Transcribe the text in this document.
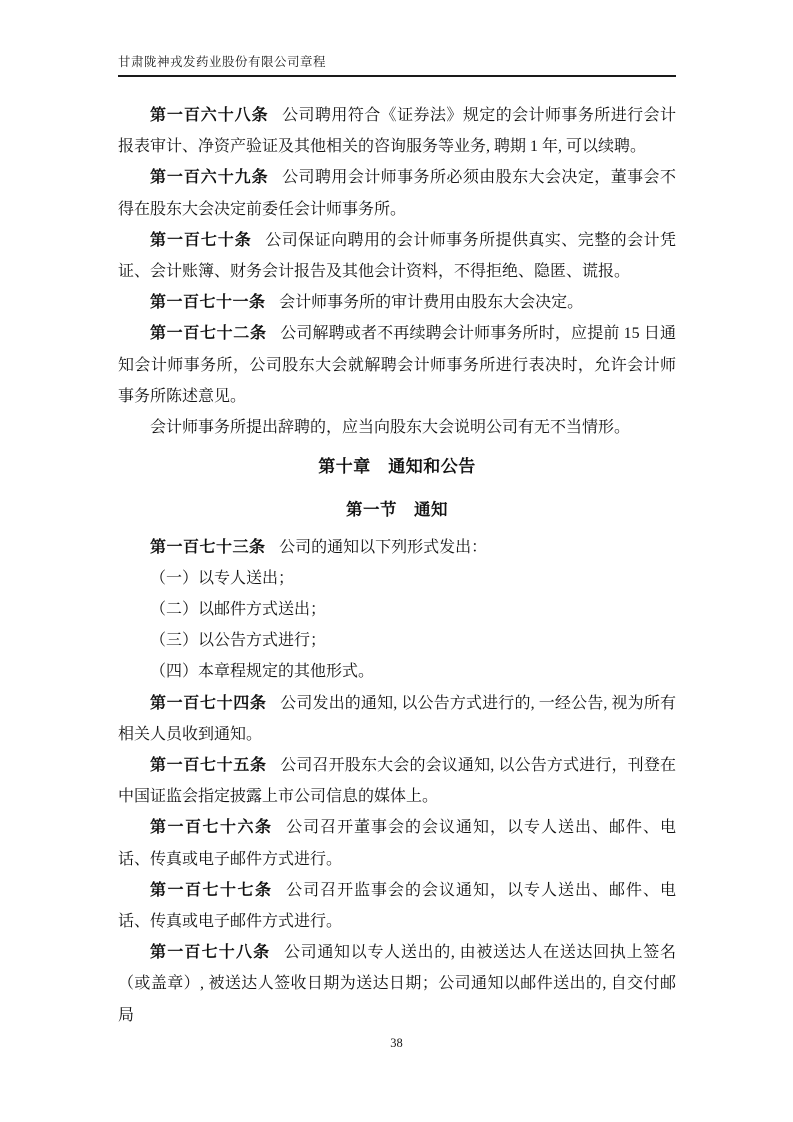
甘肃陇神戎发药业股份有限公司章程

第一百六十八条 公司聘用符合《证券法》规定的会计师事务所进行会计报表审计、净资产验证及其他相关的咨询服务等业务, 聘期 1 年, 可以续聘。

第一百六十九条 公司聘用会计师事务所必须由股东大会决定，董事会不得在股东大会决定前委任会计师事务所。

第一百七十条 公司保证向聘用的会计师事务所提供真实、完整的会计凭证、会计账簿、财务会计报告及其他会计资料，不得拒绝、隐匿、谎报。

第一百七十一条 会计师事务所的审计费用由股东大会决定。

第一百七十二条 公司解聘或者不再续聘会计师事务所时，应提前 15 日通知会计师事务所，公司股东大会就解聘会计师事务所进行表决时，允许会计师事务所陈述意见。

会计师事务所提出辞聘的，应当向股东大会说明公司有无不当情形。

第十章　通知和公告
第一节　通知

第一百七十三条 公司的通知以下列形式发出：

（一）以专人送出；

（二）以邮件方式送出；

（三）以公告方式进行；

（四）本章程规定的其他形式。

第一百七十四条 公司发出的通知, 以公告方式进行的, 一经公告, 视为所有相关人员收到通知。

第一百七十五条 公司召开股东大会的会议通知, 以公告方式进行，刊登在中国证监会指定披露上市公司信息的媒体上。

第一百七十六条 公司召开董事会的会议通知，以专人送出、邮件、电话、传真或电子邮件方式进行。

第一百七十七条 公司召开监事会的会议通知，以专人送出、邮件、电话、传真或电子邮件方式进行。

第一百七十八条 公司通知以专人送出的, 由被送达人在送达回执上签名（或盖章）, 被送达人签收日期为送达日期；公司通知以邮件送出的, 自交付邮局

38
